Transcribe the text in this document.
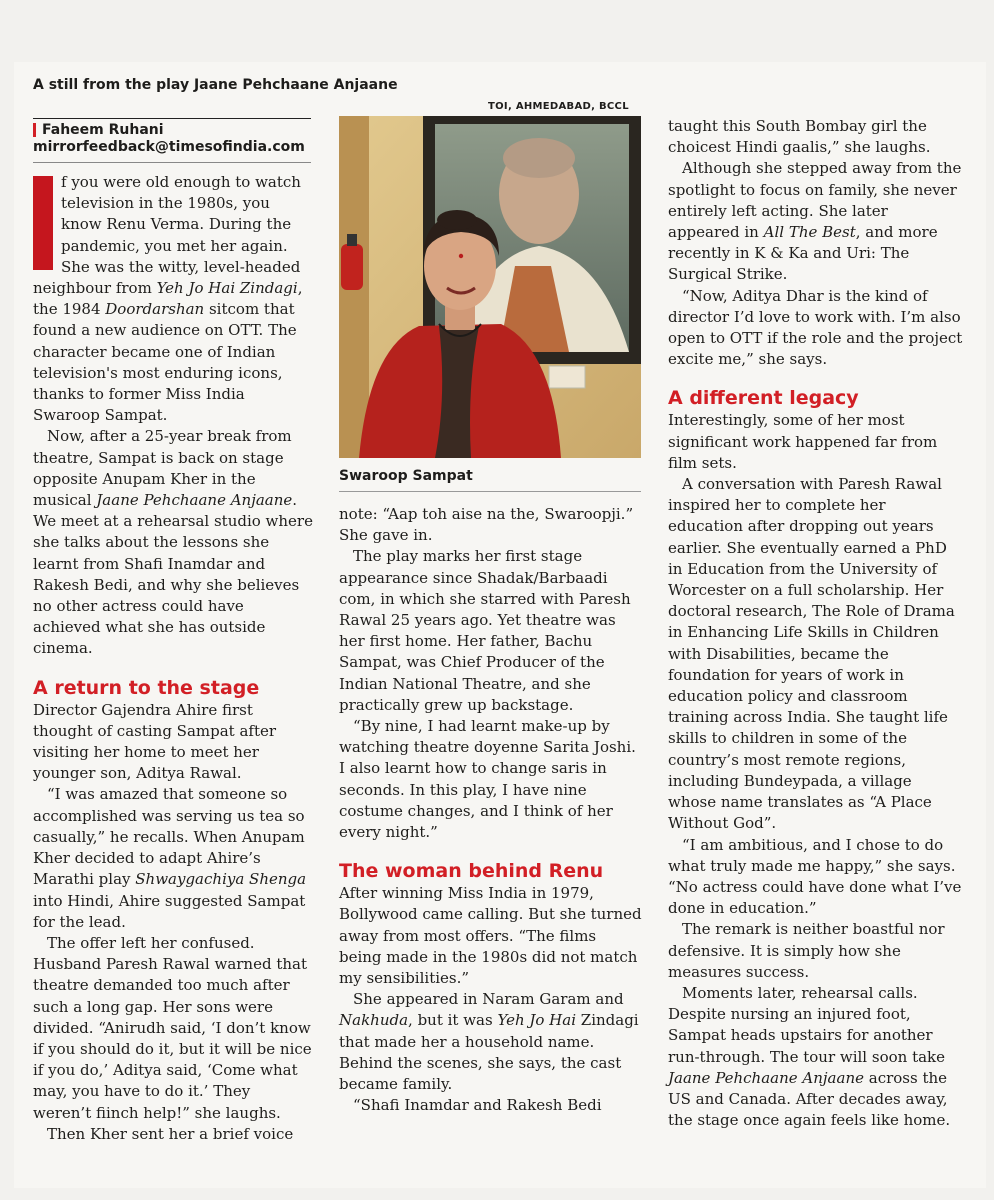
A still from the play Jaane Pehchaane Anjaane
TOI, AHMEDABAD, BCCL
Faheem Ruhani
mirrorfeedback@timesofindia.com

f you were old enough to watch television in the 1980s, you know Renu Verma. During the pandemic, you met her again. She was the witty, level-headed neighbour from Yeh Jo Hai Zindagi, the 1984 Doordarshan sitcom that found a new audience on OTT. The character became one of Indian television's most enduring icons, thanks to former Miss India Swaroop Sampat.

Now, after a 25-year break from theatre, Sampat is back on stage opposite Anupam Kher in the musical Jaane Pehchaane Anjaane. We meet at a rehearsal studio where she talks about the lessons she learnt from Shafi Inamdar and Rakesh Bedi, and why she believes no other actress could have achieved what she has outside cinema.

A return to the stage

Director Gajendra Ahire first thought of casting Sampat after visiting her home to meet her younger son, Aditya Rawal.

“I was amazed that someone so accomplished was serving us tea so casually,” he recalls. When Anupam Kher decided to adapt Ahire’s Marathi play Shwaygachiya Shenga into Hindi, Ahire suggested Sampat for the lead.

The offer left her confused. Husband Paresh Rawal warned that theatre demanded too much after such a long gap. Her sons were divided. “Anirudh said, ‘I don’t know if you should do it, but it will be nice if you do,’ Aditya said, ‘Come what may, you have to do it.’ They weren’t fiinch help!” she laughs.

Then Kher sent her a brief voice

Swaroop Sampat

note: “Aap toh aise na the, Swaroopji.” She gave in.

The play marks her first stage appearance since Shadak/Barbaadi com, in which she starred with Paresh Rawal 25 years ago. Yet theatre was her first home. Her father, Bachu Sampat, was Chief Producer of the Indian National Theatre, and she practically grew up backstage.

“By nine, I had learnt make-up by watching theatre doyenne Sarita Joshi. I also learnt how to change saris in seconds. In this play, I have nine costume changes, and I think of her every night.”

The woman behind Renu

After winning Miss India in 1979, Bollywood came calling. But she turned away from most offers. “The films being made in the 1980s did not match my sensibilities.”

She appeared in Naram Garam and Nakhuda, but it was Yeh Jo Hai Zindagi that made her a household name. Behind the scenes, she says, the cast became family.

“Shafi Inamdar and Rakesh Bedi

taught this South Bombay girl the choicest Hindi gaalis,” she laughs.

Although she stepped away from the spotlight to focus on family, she never entirely left acting. She later appeared in All The Best, and more recently in K & Ka and Uri: The Surgical Strike.

“Now, Aditya Dhar is the kind of director I’d love to work with. I’m also open to OTT if the role and the project excite me,” she says.

A different legacy

Interestingly, some of her most significant work happened far from film sets.

A conversation with Paresh Rawal inspired her to complete her education after dropping out years earlier. She eventually earned a PhD in Education from the University of Worcester on a full scholarship. Her doctoral research, The Role of Drama in Enhancing Life Skills in Children with Disabilities, became the foundation for years of work in education policy and classroom training across India. She taught life skills to children in some of the country’s most remote regions, including Bundeypada, a village whose name translates as “A Place Without God”.

“I am ambitious, and I chose to do what truly made me happy,” she says. “No actress could have done what I’ve done in education.”

The remark is neither boastful nor defensive. It is simply how she measures success.

Moments later, rehearsal calls. Despite nursing an injured foot, Sampat heads upstairs for another run-through. The tour will soon take Jaane Pehchaane Anjaane across the US and Canada. After decades away, the stage once again feels like home.
